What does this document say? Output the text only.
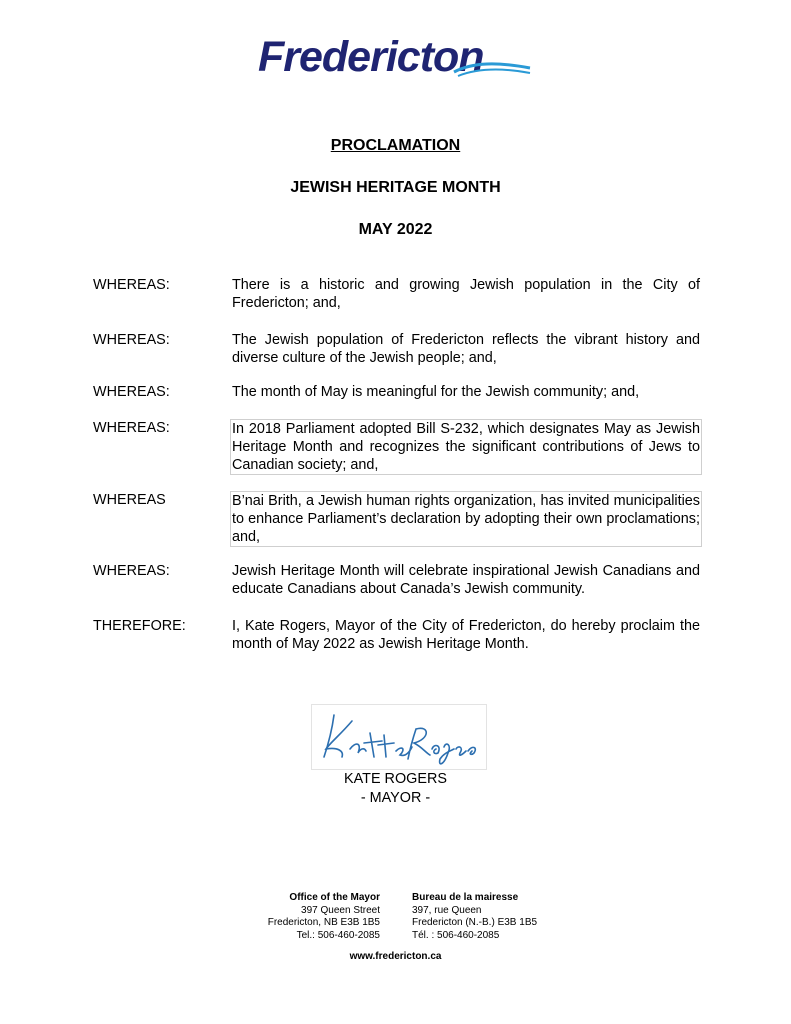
Fredericton
PROCLAMATION
JEWISH HERITAGE MONTH
MAY 2022
WHEREAS:	There is a historic and growing Jewish population in the City of Fredericton; and,
WHEREAS:	The Jewish population of Fredericton reflects the vibrant history and diverse culture of the Jewish people; and,
WHEREAS:	The month of May is meaningful for the Jewish community; and,
WHEREAS:	In 2018 Parliament adopted Bill S-232, which designates May as Jewish Heritage Month and recognizes the significant contributions of Jews to Canadian society; and,
WHEREAS	B’nai Brith, a Jewish human rights organization, has invited municipalities to enhance Parliament’s declaration by adopting their own proclamations; and,
WHEREAS:	Jewish Heritage Month will celebrate inspirational Jewish Canadians and educate Canadians about Canada’s Jewish community.
THEREFORE:	I, Kate Rogers, Mayor of the City of Fredericton, do hereby proclaim the month of May 2022 as Jewish Heritage Month.
KATE ROGERS
- MAYOR -
Office of the Mayor
397 Queen Street
Fredericton, NB E3B 1B5
Tel.: 506-460-2085
Bureau de la mairesse
397, rue Queen
Fredericton (N.-B.) E3B 1B5
Tél. : 506-460-2085
www.fredericton.ca
